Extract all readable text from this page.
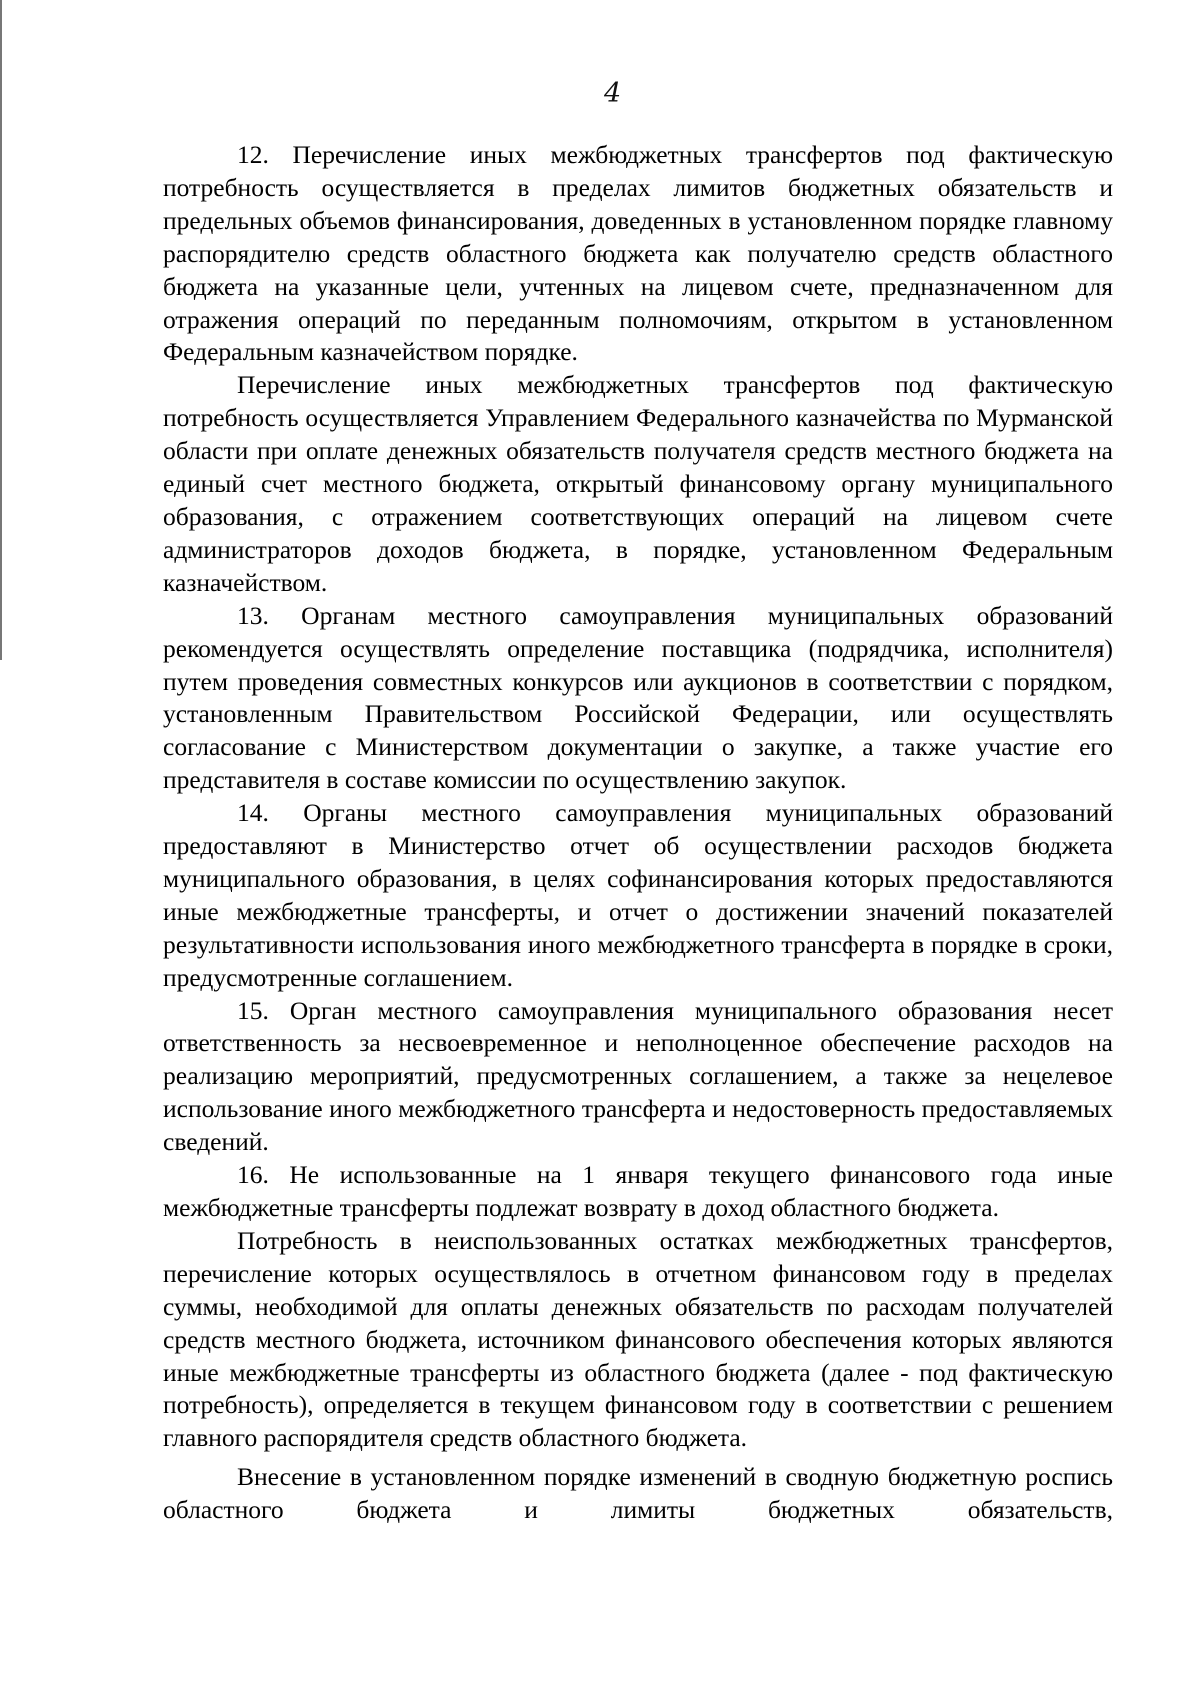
4

12. Перечисление иных межбюджетных трансфертов под фактическую потребность осуществляется в пределах лимитов бюджетных обязательств и предельных объемов финансирования, доведенных в установленном порядке главному распорядителю средств областного бюджета как получателю средств областного бюджета на указанные цели, учтенных на лицевом счете, предназначенном для отражения операций по переданным полномочиям, открытом в установленном Федеральным казначейством порядке.

Перечисление иных межбюджетных трансфертов под фактическую потребность осуществляется Управлением Федерального казначейства по Мурманской области при оплате денежных обязательств получателя средств местного бюджета на единый счет местного бюджета, открытый финансовому органу муниципального образования, с отражением соответствующих операций на лицевом счете администраторов доходов бюджета, в порядке, установленном Федеральным казначейством.

13. Органам местного самоуправления муниципальных образований рекомендуется осуществлять определение поставщика (подрядчика, исполнителя) путем проведения совместных конкурсов или аукционов в соответствии с порядком, установленным Правительством Российской Федерации, или осуществлять согласование с Министерством документации о закупке, а также участие его представителя в составе комиссии по осуществлению закупок.

14. Органы местного самоуправления муниципальных образований предоставляют в Министерство отчет об осуществлении расходов бюджета муниципального образования, в целях софинансирования которых предоставляются иные межбюджетные трансферты, и отчет о достижении значений показателей результативности использования иного межбюджетного трансферта в порядке в сроки, предусмотренные соглашением.

15. Орган местного самоуправления муниципального образования несет ответственность за несвоевременное и неполноценное обеспечение расходов на реализацию мероприятий, предусмотренных соглашением, а также за нецелевое использование иного межбюджетного трансферта и недостоверность предоставляемых сведений.

16. Не использованные на 1 января текущего финансового года иные межбюджетные трансферты подлежат возврату в доход областного бюджета.

Потребность в неиспользованных остатках межбюджетных трансфертов, перечисление которых осуществлялось в отчетном финансовом году в пределах суммы, необходимой для оплаты денежных обязательств по расходам получателей средств местного бюджета, источником финансового обеспечения которых являются иные межбюджетные трансферты из областного бюджета (далее - под фактическую потребность), определяется в текущем финансовом году в соответствии с решением главного распорядителя средств областного бюджета.

Внесение в установленном порядке изменений в сводную бюджетную роспись областного бюджета и лимиты бюджетных обязательств,
